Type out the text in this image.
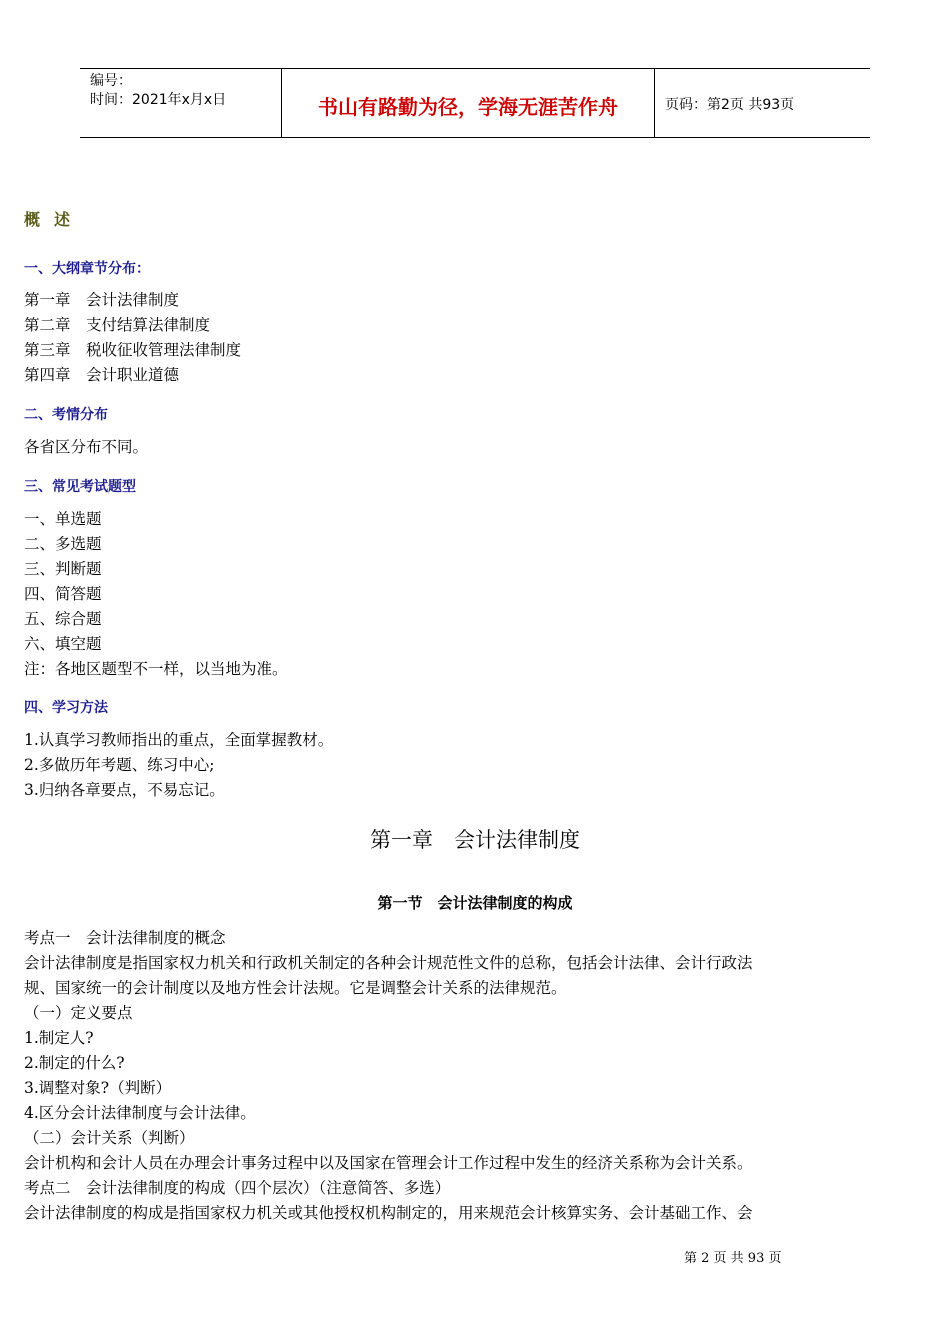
编号：
时间：2021年x月x日	书山有路勤为径，学海无涯苦作舟	页码：第2页 共93页
概述
一、大纲章节分布：
第一章　会计法律制度
第二章　支付结算法律制度
第三章　税收征收管理法律制度
第四章　会计职业道德
二、考情分布
各省区分布不同。
三、常见考试题型
一、单选题
二、多选题
三、判断题
四、简答题
五、综合题
六、填空题
注：各地区题型不一样，以当地为准。
四、学习方法
1.认真学习教师指出的重点，全面掌握教材。
2.多做历年考题、练习中心;
3.归纳各章要点，不易忘记。
第一章　会计法律制度
第一节　会计法律制度的构成
考点一　会计法律制度的概念
会计法律制度是指国家权力机关和行政机关制定的各种会计规范性文件的总称，包括会计法律、会计行政法
规、国家统一的会计制度以及地方性会计法规。它是调整会计关系的法律规范。
（一）定义要点
1.制定人?
2.制定的什么?
3.调整对象?（判断）
4.区分会计法律制度与会计法律。
（二）会计关系（判断）
会计机构和会计人员在办理会计事务过程中以及国家在管理会计工作过程中发生的经济关系称为会计关系。
考点二　会计法律制度的构成（四个层次）（注意简答、多选）
会计法律制度的构成是指国家权力机关或其他授权机构制定的，用来规范会计核算实务、会计基础工作、会
第 2 页 共 93 页
